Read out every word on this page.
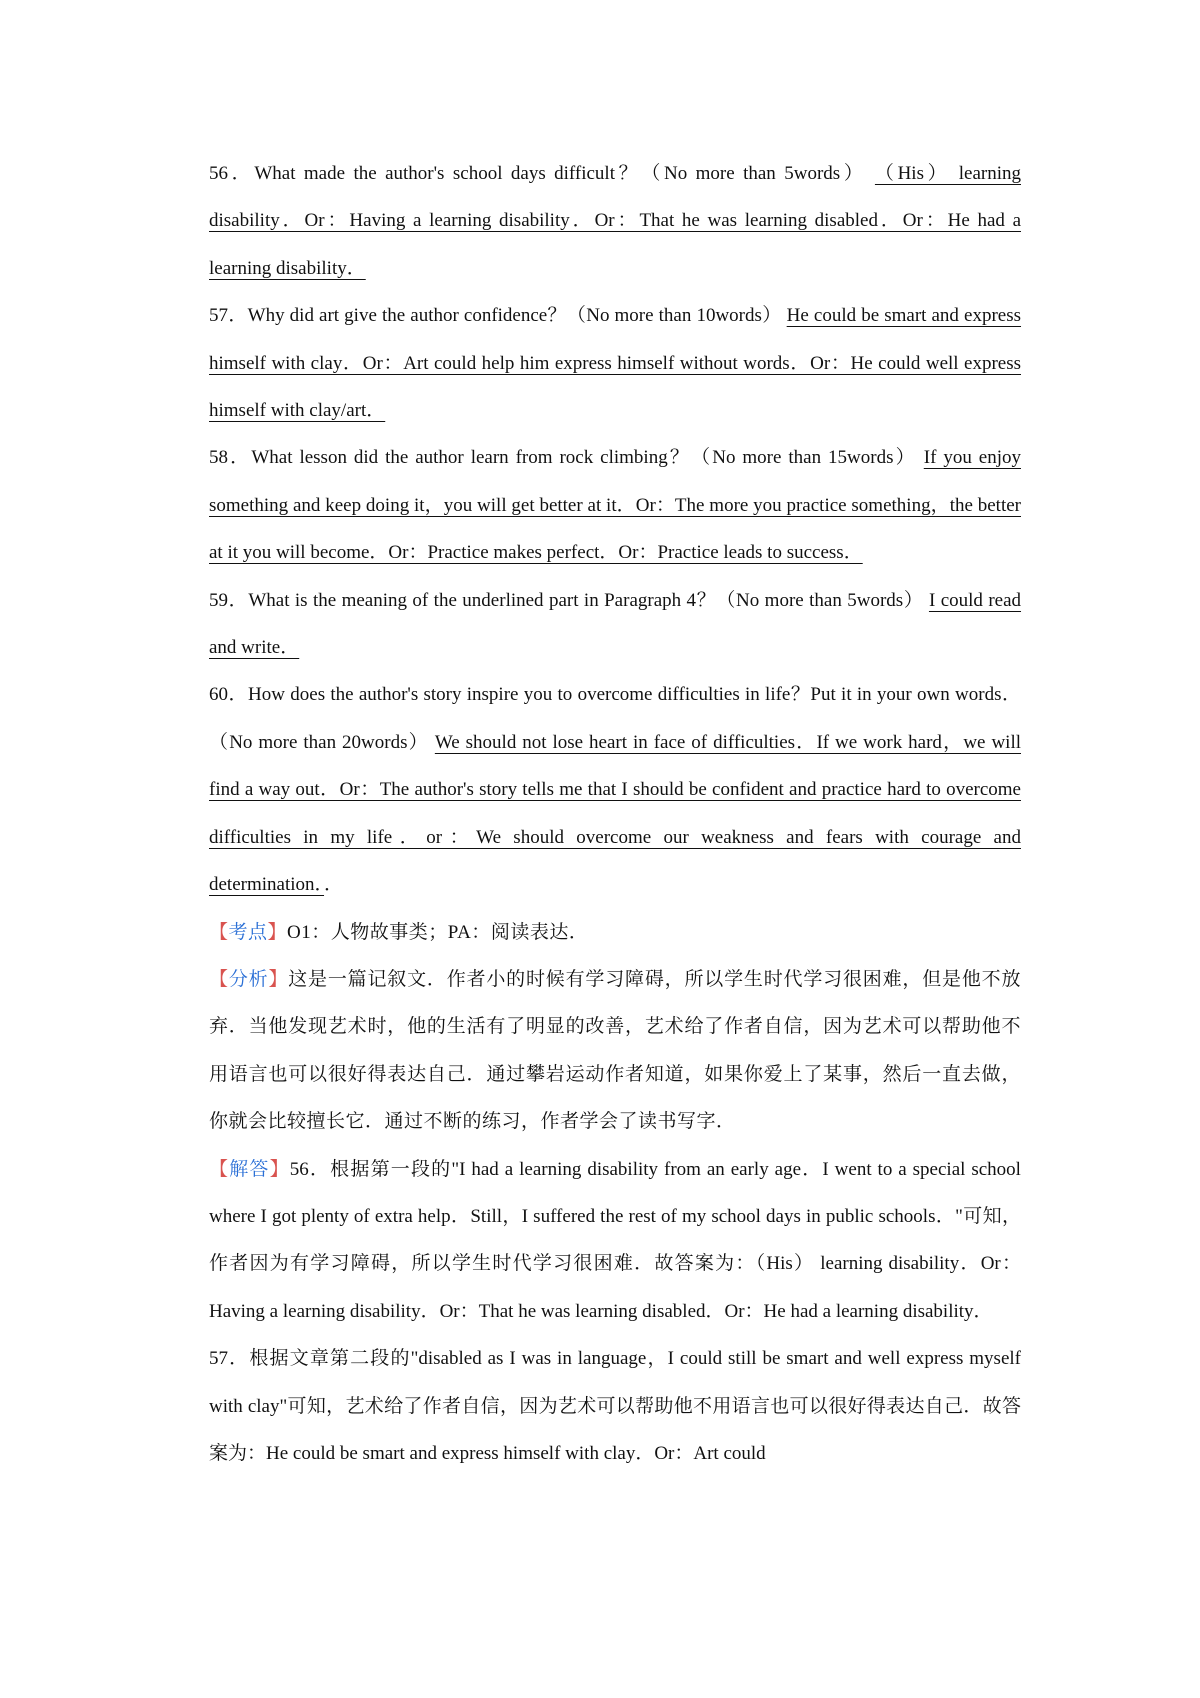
56．What made the author's school days difficult？（No more than 5words） （His） learning disability．Or：Having a learning disability．Or：That he was learning disabled．Or：He had a learning disability．

57．Why did art give the author confidence？（No more than 10words） He could be smart and express himself with clay．Or：Art could help him express himself without words．Or：He could well express himself with clay/art．

58．What lesson did the author learn from rock climbing？（No more than 15words） If you enjoy something and keep doing it，you will get better at it．Or：The more you practice something，the better at it you will become．Or：Practice makes perfect．Or：Practice leads to success．

59．What is the meaning of the underlined part in Paragraph 4？（No more than 5words） I could read and write．

60．How does the author's story inspire you to overcome difficulties in life？Put it in your own words．（No more than 20words） We should not lose heart in face of difficulties．If we work hard，we will find a way out．Or：The author's story tells me that I should be confident and practice hard to overcome difficulties in my life．or：We should overcome our weakness and fears with courage and determination．．

【考点】O1：人物故事类；PA：阅读表达．

【分析】这是一篇记叙文．作者小的时候有学习障碍，所以学生时代学习很困难，但是他不放弃．当他发现艺术时，他的生活有了明显的改善，艺术给了作者自信，因为艺术可以帮助他不用语言也可以很好得表达自己．通过攀岩运动作者知道，如果你爱上了某事，然后一直去做，你就会比较擅长它．通过不断的练习，作者学会了读书写字．

【解答】56．根据第一段的"I had a learning disability from an early age．I went to a special school where I got plenty of extra help．Still，I suffered the rest of my school days in public schools．"可知，作者因为有学习障碍，所以学生时代学习很困难．故答案为：（His） learning disability．Or：Having a learning disability．Or：That he was learning disabled．Or：He had a learning disability．

57．根据文章第二段的"disabled as I was in language，I could still be smart and well express myself with clay"可知，艺术给了作者自信，因为艺术可以帮助他不用语言也可以很好得表达自己．故答案为：He could be smart and express himself with clay．Or：Art could
